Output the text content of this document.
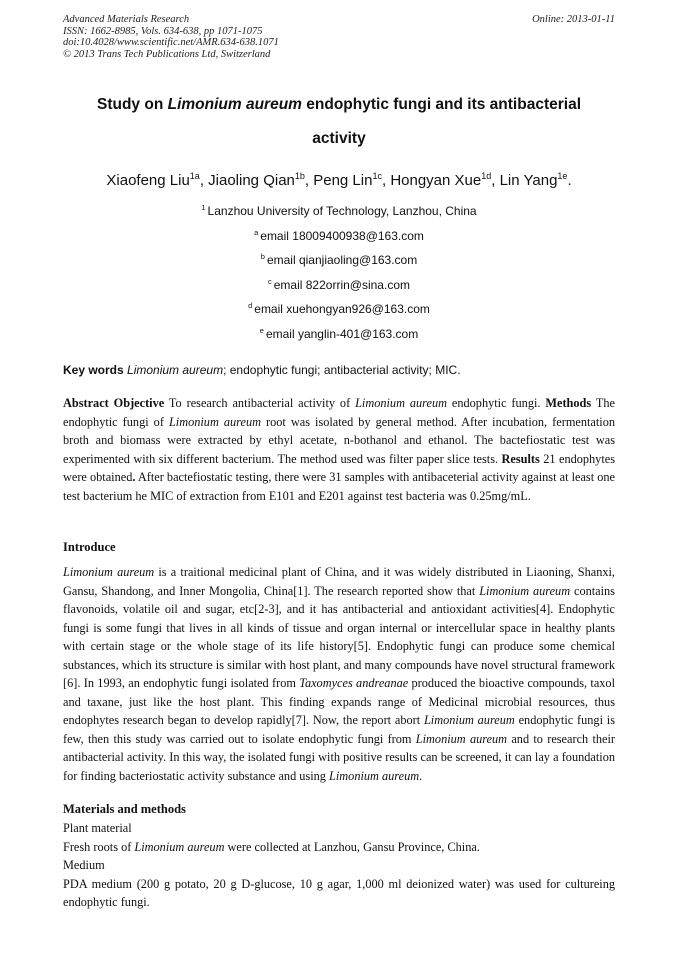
Advanced Materials Research
ISSN: 1662-8985, Vols. 634-638, pp 1071-1075
doi:10.4028/www.scientific.net/AMR.634-638.1071
© 2013 Trans Tech Publications Ltd, Switzerland
Online: 2013-01-11
Study on Limonium aureum endophytic fungi and its antibacterial
activity
Xiaofeng Liu$^{1a}$, Jiaoling Qian$^{1b}$, Peng Lin$^{1c}$, Hongyan Xue$^{1d}$, Lin Yang$^{1e}$.
$^1$ Lanzhou University of Technology, Lanzhou, China
$^a$ email 18009400938@163.com
$^b$ email qianjiaoling@163.com
$^c$ email 822orrin@sina.com
$^d$ email xuehongyan926@163.com
$^e$ email yanglin-401@163.com
Key words Limonium aureum; endophytic fungi; antibacterial activity; MIC.
Abstract Objective To research antibacterial activity of Limonium aureum endophytic fungi. Methods The endophytic fungi of Limonium aureum root was isolated by general method. After incubation, fermentation broth and biomass were extracted by ethyl acetate, n-bothanol and ethanol. The bactefiostatic test was experimented with six different bacterium. The method used was filter paper slice tests. Results 21 endophytes were obtained. After bactefiostatic testing, there were 31 samples with antibaceterial activity against at least one test bacterium he MIC of extraction from E101 and E201 against test bacteria was 0.25mg/mL.
Introduce
Limonium aureum is a traitional medicinal plant of China, and it was widely distributed in Liaoning, Shanxi, Gansu, Shandong, and Inner Mongolia, China[1]. The research reported show that Limonium aureum contains flavonoids, volatile oil and sugar, etc[2-3], and it has antibacterial and antioxidant activities[4]. Endophytic fungi is some fungi that lives in all kinds of tissue and organ internal or intercellular space in healthy plants with certain stage or the whole stage of its life history[5]. Endophytic fungi can produce some chemical substances, which its structure is similar with host plant, and many compounds have novel structural framework [6]. In 1993, an endophytic fungi isolated from Taxomyces andreanae produced the bioactive compounds, taxol and taxane, just like the host plant. This finding expands range of Medicinal microbial resources, thus endophytes research began to develop rapidly[7]. Now, the report abort Limonium aureum endophytic fungi is few, then this study was carried out to isolate endophytic fungi from Limonium aureum and to research their antibacterial activity. In this way, the isolated fungi with positive results can be screened, it can lay a foundation for finding bacteriostatic activity substance and using Limonium aureum.
Materials and methods
Plant material
Fresh roots of Limonium aureum were collected at Lanzhou, Gansu Province, China.
Medium
PDA medium (200 g potato, 20 g D-glucose, 10 g agar, 1,000 ml deionized water) was used for cultureing endophytic fungi.
